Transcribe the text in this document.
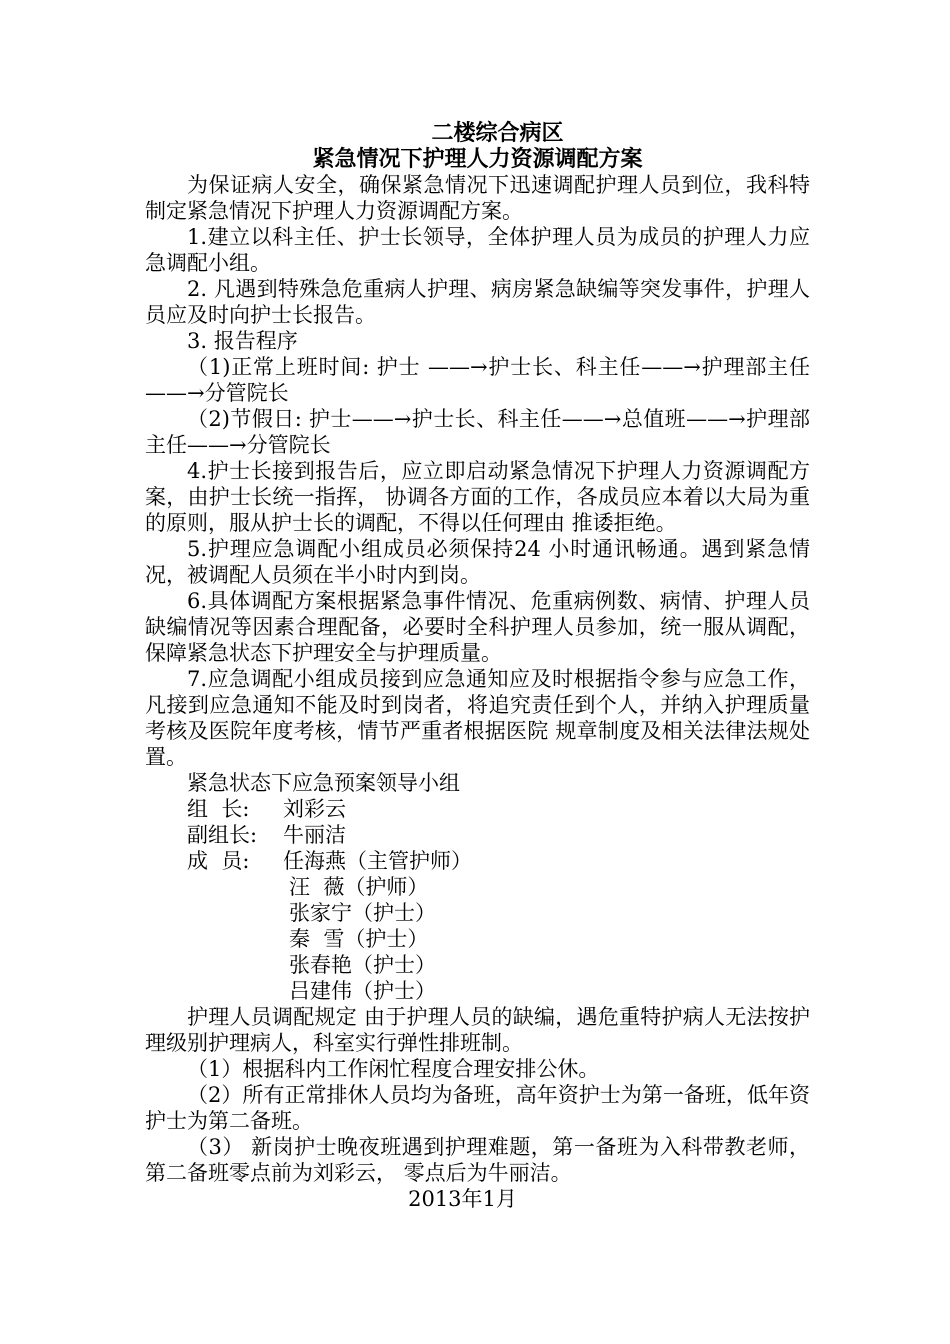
二楼综合病区
紧急情况下护理人力资源调配方案

为保证病人安全，确保紧急情况下迅速调配护理人员到位，我科特制定紧急情况下护理人力资源调配方案。

1.建立以科主任、护士长领导，全体护理人员为成员的护理人力应急调配小组。

2. 凡遇到特殊急危重病人护理、病房紧急缺编等突发事件，护理人员应及时向护士长报告。

3. 报告程序

（1)正常上班时间: 护士 ——→护士长、科主任——→护理部主任——→分管院长

（2)节假日: 护士——→护士长、科主任——→总值班——→护理部主任——→分管院长

4.护士长接到报告后，应立即启动紧急情况下护理人力资源调配方案，由护士长统一指挥， 协调各方面的工作，各成员应本着以大局为重的原则，服从护士长的调配，不得以任何理由 推诿拒绝。

5.护理应急调配小组成员必须保持24 小时通讯畅通。遇到紧急情况，被调配人员须在半小时内到岗。

6.具体调配方案根据紧急事件情况、危重病例数、病情、护理人员缺编情况等因素合理配备，必要时全科护理人员参加，统一服从调配，保障紧急状态下护理安全与护理质量。

7.应急调配小组成员接到应急通知应及时根据指令参与应急工作，凡接到应急通知不能及时到岗者，将追究责任到个人，并纳入护理质量考核及医院年度考核，情节严重者根据医院 规章制度及相关法律法规处置。

紧急状态下应急预案领导小组

组  长:	刘彩云
副组长:	牛丽洁
成  员:	任海燕（主管护师）
汪  薇（护师）
张家宁（护士）
秦  雪（护士）
张春艳（护士）
吕建伟（护士）

护理人员调配规定 由于护理人员的缺编，遇危重特护病人无法按护理级别护理病人，科室实行弹性排班制。

（1）根据科内工作闲忙程度合理安排公休。

（2）所有正常排休人员均为备班，高年资护士为第一备班，低年资护士为第二备班。

（3） 新岗护士晚夜班遇到护理难题，第一备班为入科带教老师，第二备班零点前为刘彩云， 零点后为牛丽洁。

2013年1月
